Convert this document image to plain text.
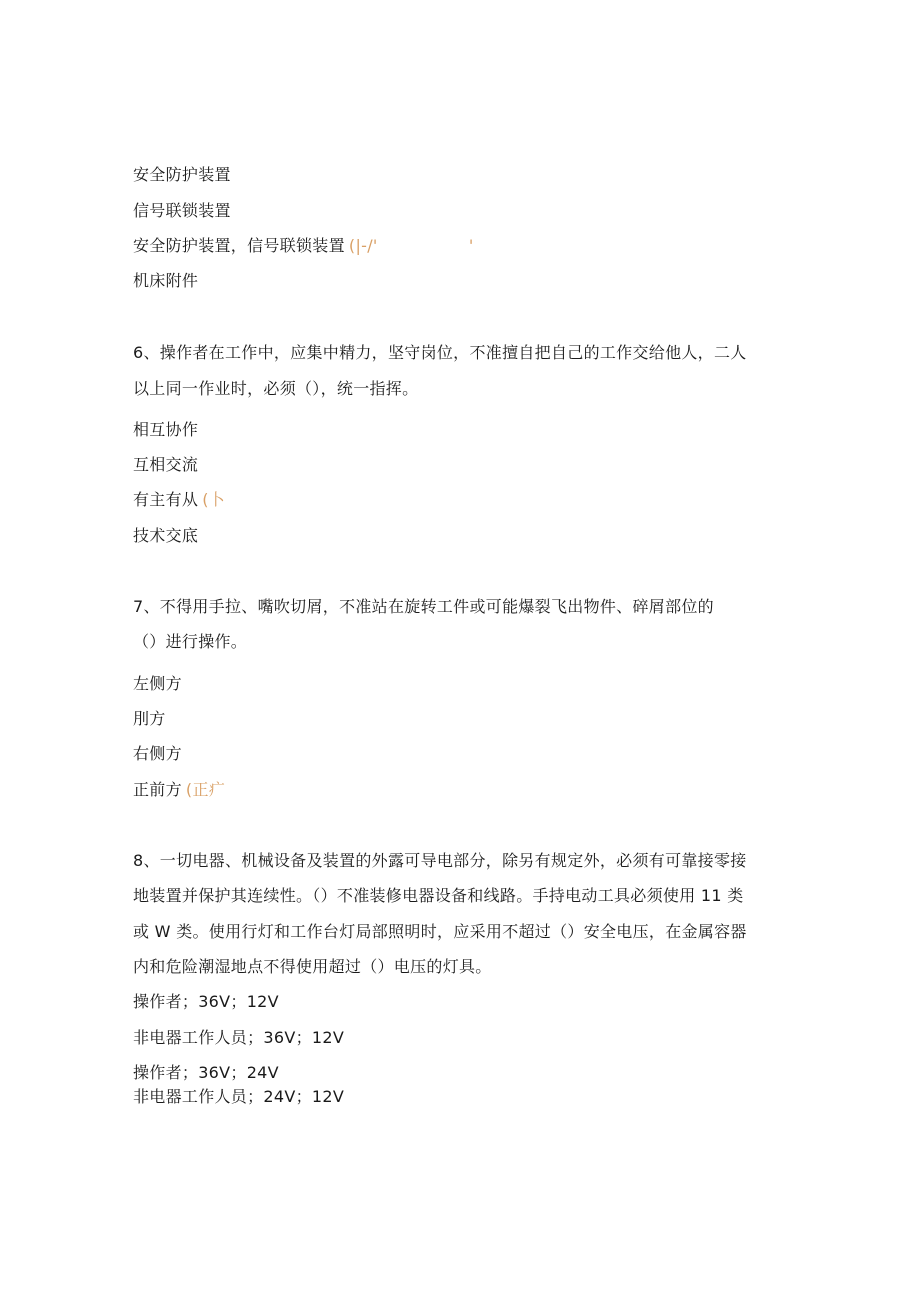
安全防护装置
信号联锁装置
安全防护装置，信号联锁装置 (|-/'	'
机床附件
6、操作者在工作中，应集中精力，坚守岗位，不准擅自把自己的工作交给他人，二人
以上同一作业时，必须（），统一指挥。
相互协作
互相交流
有主有从 (卜
技术交底
7、不得用手拉、嘴吹切屑，不准站在旋转工件或可能爆裂飞出物件、碎屑部位的
（）进行操作。
左侧方
刖方
右侧方
正前方 (正疒
8、一切电器、机械设备及装置的外露可导电部分，除另有规定外，必须有可靠接零接
地装置并保护其连续性。（）不准装修电器设备和线路。手持电动工具必须使用 11 类
或 W 类。使用行灯和工作台灯局部照明时，应采用不超过（）安全电压，在金属容器
内和危险潮湿地点不得使用超过（）电压的灯具。
操作者；36V；12V
非电器工作人员；36V；12V
操作者；36V；24V
非电器工作人员；24V；12V
